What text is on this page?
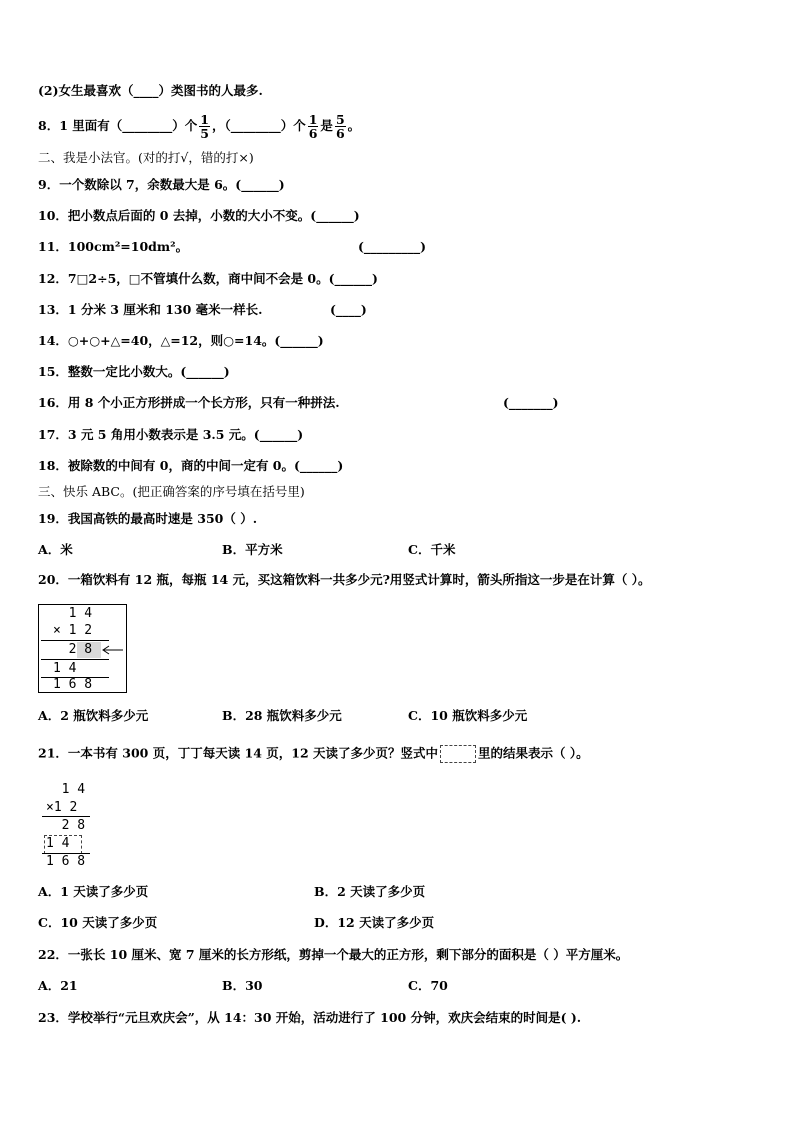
(2)女生最喜欢（____）类图书的人最多.
8．1 里面有（________）个 $\frac{1}{5}$ ，（________）个 $\frac{1}{6}$ 是 $\frac{5}{6}$ 。
二、我是小法官。(对的打√，错的打×)
9．一个数除以 7，余数最大是 6。(______)
10．把小数点后面的 0 去掉，小数的大小不变。(______)
11．100cm²=10dm²。	(_________)
12．7□2÷5，□不管填什么数，商中间不会是 0。(______)
13．1 分米 3 厘米和 130 毫米一样长.	(____)
14．○+○+△=40，△=12，则○=14。(______)
15．整数一定比小数大。(______)
16．用 8 个小正方形拼成一个长方形，只有一种拼法.	(_______)
17．3 元 5 角用小数表示是 3.5 元。(______)
18．被除数的中间有 0，商的中间一定有 0。(______)
三、快乐 ABC。(把正确答案的序号填在括号里)
19．我国高铁的最高时速是 350（ ）.
A．米	B．平方米	C．千米
20．一箱饮料有 12 瓶，每瓶 14 元，买这箱饮料一共多少元?用竖式计算时，箭头所指这一步是在计算（ ）。
1 4
× 1 2
2 8
1 4
1 6 8
A．2 瓶饮料多少元	B．28 瓶饮料多少元	C．10 瓶饮料多少元
21．一本书有 300 页，丁丁每天读 14 页，12 天读了多少页？竖式中	里的结果表示（ ）。
1 4
×1 2
2 8
1 4
1 6 8
A．1 天读了多少页	B．2 天读了多少页
C．10 天读了多少页	D．12 天读了多少页
22．一张长 10 厘米、宽 7 厘米的长方形纸，剪掉一个最大的正方形，剩下部分的面积是（ ）平方厘米。
A．21	B．30	C．70
23．学校举行“元旦欢庆会”，从 14：30 开始，活动进行了 100 分钟，欢庆会结束的时间是( ).
